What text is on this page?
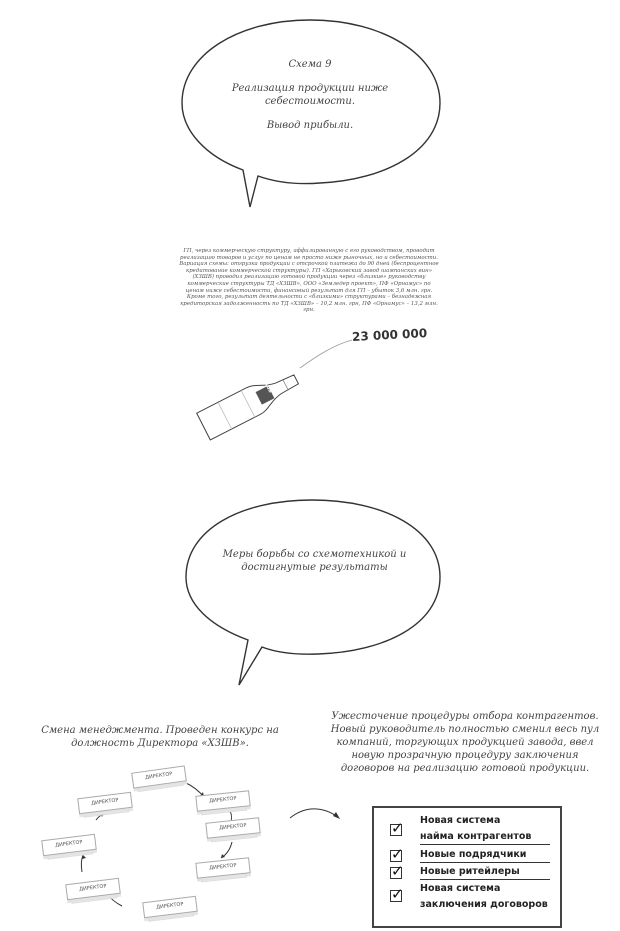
Схема 9

Реализация продукции ниже себестоимости.

Вывод прибыли.

ГП, через коммерческую структуру, аффилированную с его руководством, проводит реализацию товаров и услуг по ценам не просто ниже рыночных, но и себестоимости. Вариация схемы: отгрузка продукции с отсрочкой платежа до 90 дней (беспроцентное кредитование коммерческой структуры). ГП «Харьковский завод шампанских вин» (ХЗШВ) проводил реализацию готовой продукции через «близкие» руководству коммерческие структуры ТД «ХЗШВ», ООО «Земледер проект», ПФ «Орнамус» по ценам ниже себестоимости, финансовый результат для ГП – убыток 3,6 млн. грн. Кроме того, результат деятельности с «близкими» структурами – безнадежная кредиторская задолженность по ТД «ХЗШВ» – 10,2 млн. грн, ПФ «Орнамус» – 13,2 млн. грн.
23 000 000
ХЗШВ
Меры борьбы со схемотехникой и достигнутые результаты
Смена менеджмента. Проведен конкурс на должность Директора «ХЗШВ».
Ужесточение процедуры отбора контрагентов. Новый руководитель полностью сменил весь пул компаний, торгующих продукцией завода, ввел новую прозрачную процедуру заключения договоров на реализацию готовой продукции.
ДИРЕКТОР
ДИРЕКТОР
ДИРЕКТОР
ДИРЕКТОР
ДИРЕКТОР
ДИРЕКТОР
ДИРЕКТОР
ДИРЕКТОР
✓ Новая система
найма контрагентов
✓ Новые подрядчики
✓ Новые ритейлеры
✓ Новая система
заключения договоров
